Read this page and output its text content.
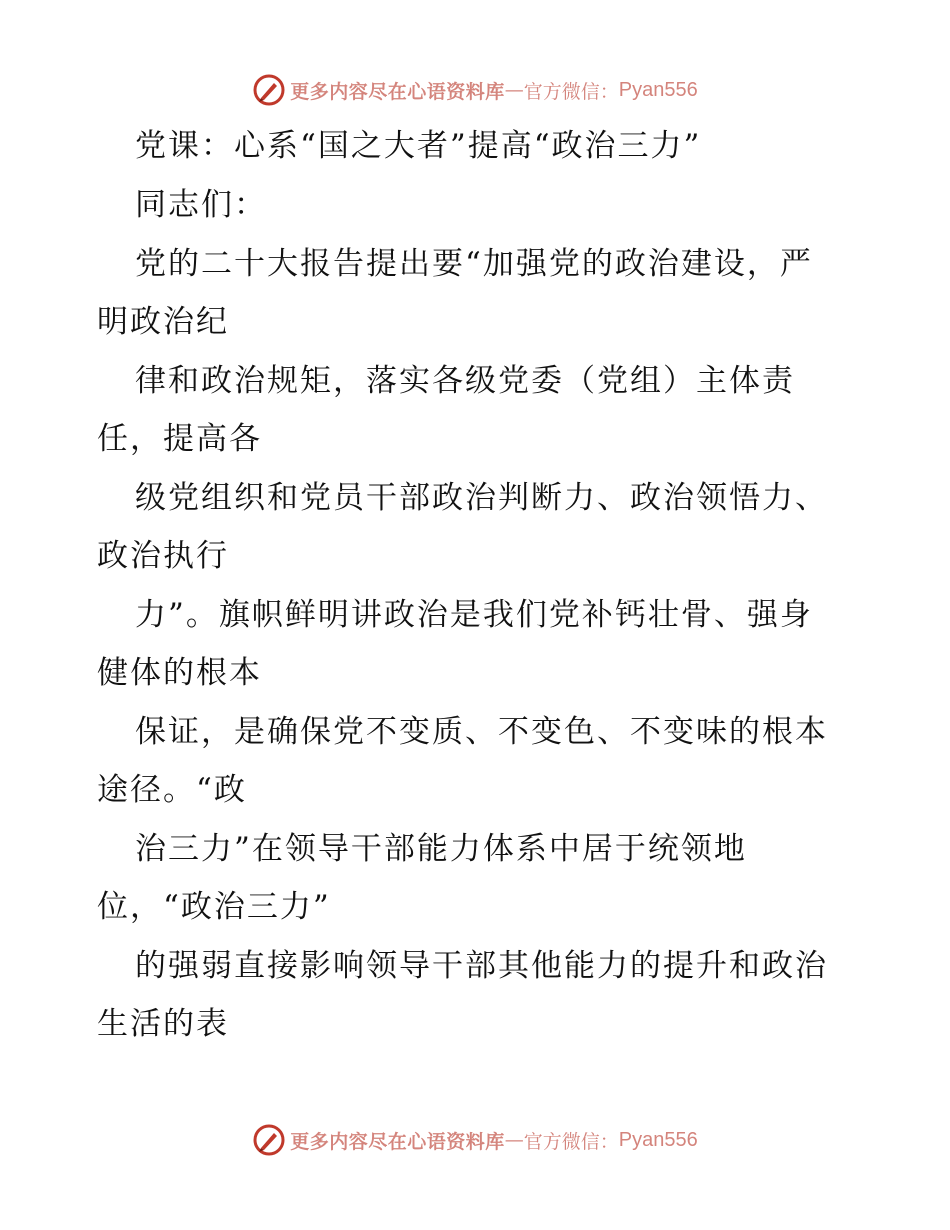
更多内容尽在心语资料库 — 官方微信： Pyan556
党课：心系“国之大者”提高“政治三力”
同志们：
党的二十大报告提出要“加强党的政治建设，严
明政治纪
律和政治规矩，落实各级党委（党组）主体责
任，提高各
级党组织和党员干部政治判断力、政治领悟力、
政治执行
力”。旗帜鲜明讲政治是我们党补钙壮骨、强身
健体的根本
保证，是确保党不变质、不变色、不变味的根本
途径。“政
治三力”在领导干部能力体系中居于统领地
位，“政治三力”
的强弱直接影响领导干部其他能力的提升和政治
生活的表
更多内容尽在心语资料库 — 官方微信： Pyan556
